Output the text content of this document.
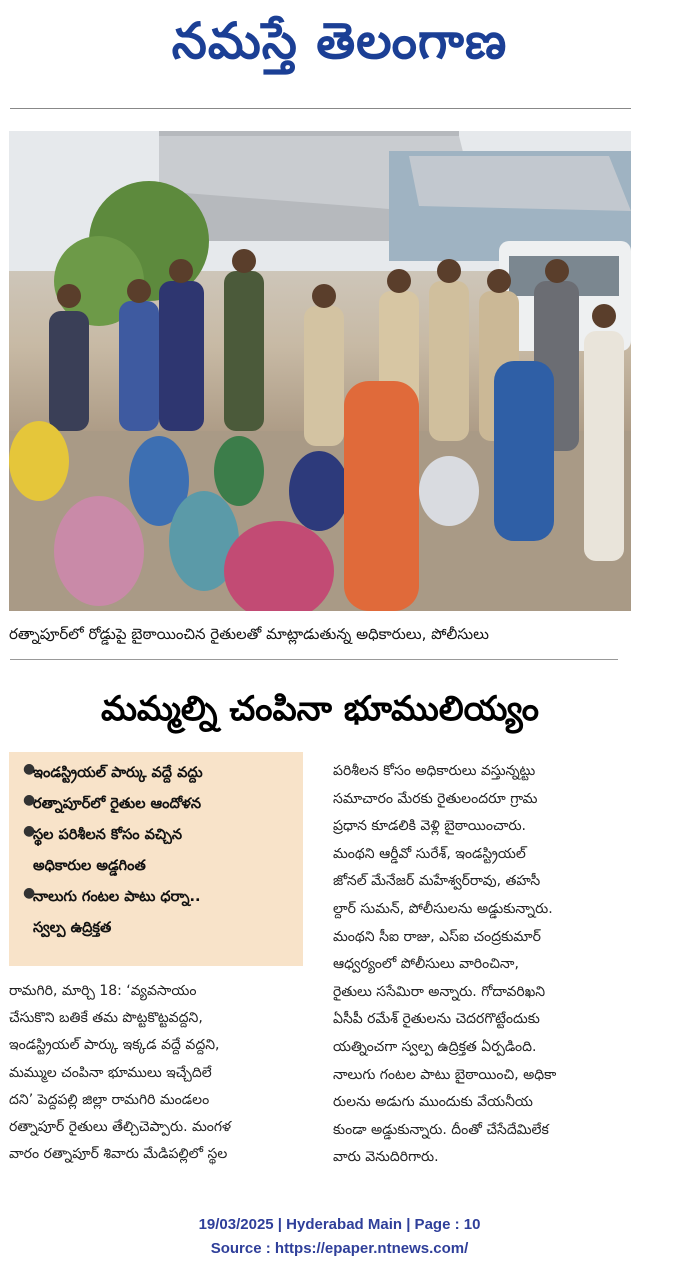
నమస్తే తెలంగాణ
రత్నాపూర్‌లో రోడ్డుపై బైఠాయించిన రైతులతో మాట్లాడుతున్న అధికారులు, పోలీసులు
మమ్మల్ని చంపినా భూములియ్యం
●
ఇండస్ట్రియల్ పార్కు వద్దే వద్దు
●
రత్నాపూర్‌లో రైతుల ఆందోళన
●
స్థల పరిశీలన కోసం వచ్చిన
అధికారుల అడ్డగింత
●
నాలుగు గంటల పాటు ధర్నా..
స్వల్ప ఉద్రిక్తత
రామగిరి, మార్చి 18: ‘వ్యవసాయం
చేసుకొని బతికే తమ పొట్టకొట్టవద్దని,
ఇండస్ట్రియల్ పార్కు ఇక్కడ వద్దే వద్దని,
మమ్ముల చంపినా భూములు ఇచ్చేదిలే
దని’ పెద్దపల్లి జిల్లా రామగిరి మండలం
రత్నాపూర్ రైతులు తేల్చిచెప్పారు. మంగళ
వారం రత్నాపూర్ శివారు మేడిపల్లిలో స్థల
పరిశీలన కోసం అధికారులు వస్తున్నట్టు
సమాచారం మేరకు రైతులందరూ గ్రామ
ప్రధాన కూడలికి వెళ్లి బైఠాయించారు.
మంథని ఆర్డీవో సురేశ్, ఇండస్ట్రియల్
జోనల్ మేనేజర్ మహేశ్వర్‌రావు, తహసీ
ల్దార్ సుమన్, పోలీసులను అడ్డుకున్నారు.
మంథని సీఐ రాజు, ఎస్ఐ చంద్రకుమార్
ఆధ్వర్యంలో పోలీసులు వారించినా,
రైతులు ససేమిరా అన్నారు. గోదావరిఖని
ఏసీపీ రమేశ్ రైతులను చెదరగొట్టేందుకు
యత్నించగా స్వల్ప ఉద్రిక్తత ఏర్పడింది.
నాలుగు గంటల పాటు బైఠాయించి, అధికా
రులను అడుగు ముందుకు వేయనీయ
కుండా అడ్డుకున్నారు. దీంతో చేసేదేమిలేక
వారు వెనుదిరిగారు.
19/03/2025 | Hyderabad Main | Page : 10
Source : https://epaper.ntnews.com/
